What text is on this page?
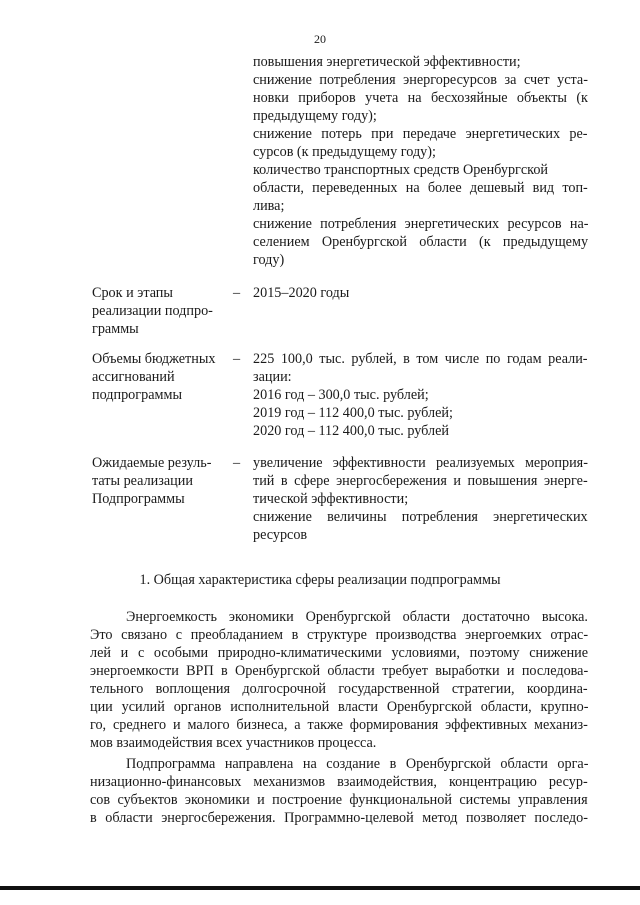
20
повышения энергетической эффективности;
снижение потребления энергоресурсов за счет уста-
новки приборов учета на бесхозяйные объекты (к
предыдущему году);
снижение потерь при передаче энергетических ре-
сурсов (к предыдущему году);
количество транспортных средств Оренбургской
области, переведенных на более дешевый вид топ-
лива;
снижение потребления энергетических ресурсов на-
селением Оренбургской области (к предыдущему
году)
Срок и этапы
реализации подпро-
граммы
– 2015–2020 годы
Объемы бюджетных
ассигнований
подпрограммы
– 225 100,0 тыс. рублей, в том числе по годам реали-
зации:
2016 год – 300,0 тыс. рублей;
2019 год – 112 400,0 тыс. рублей;
2020 год – 112 400,0 тыс. рублей
Ожидаемые резуль-
таты реализации
Подпрограммы
– увеличение эффективности реализуемых мероприя-
тий в сфере энергосбережения и повышения энерге-
тической эффективности;
снижение величины потребления энергетических
ресурсов
1. Общая характеристика сферы реализации подпрограммы
Энергоемкость экономики Оренбургской области достаточно высока.
Это связано с преобладанием в структуре производства энергоемких отрас-
лей и с особыми природно-климатическими условиями, поэтому снижение
энергоемкости ВРП в Оренбургской области требует выработки и последова-
тельного воплощения долгосрочной государственной стратегии, координа-
ции усилий органов исполнительной власти Оренбургской области, крупно-
го, среднего и малого бизнеса, а также формирования эффективных механиз-
мов взаимодействия всех участников процесса.
Подпрограмма направлена на создание в Оренбургской области орга-
низационно-финансовых механизмов взаимодействия, концентрацию ресур-
сов субъектов экономики и построение функциональной системы управления
в области энергосбережения. Программно-целевой метод позволяет последо-
